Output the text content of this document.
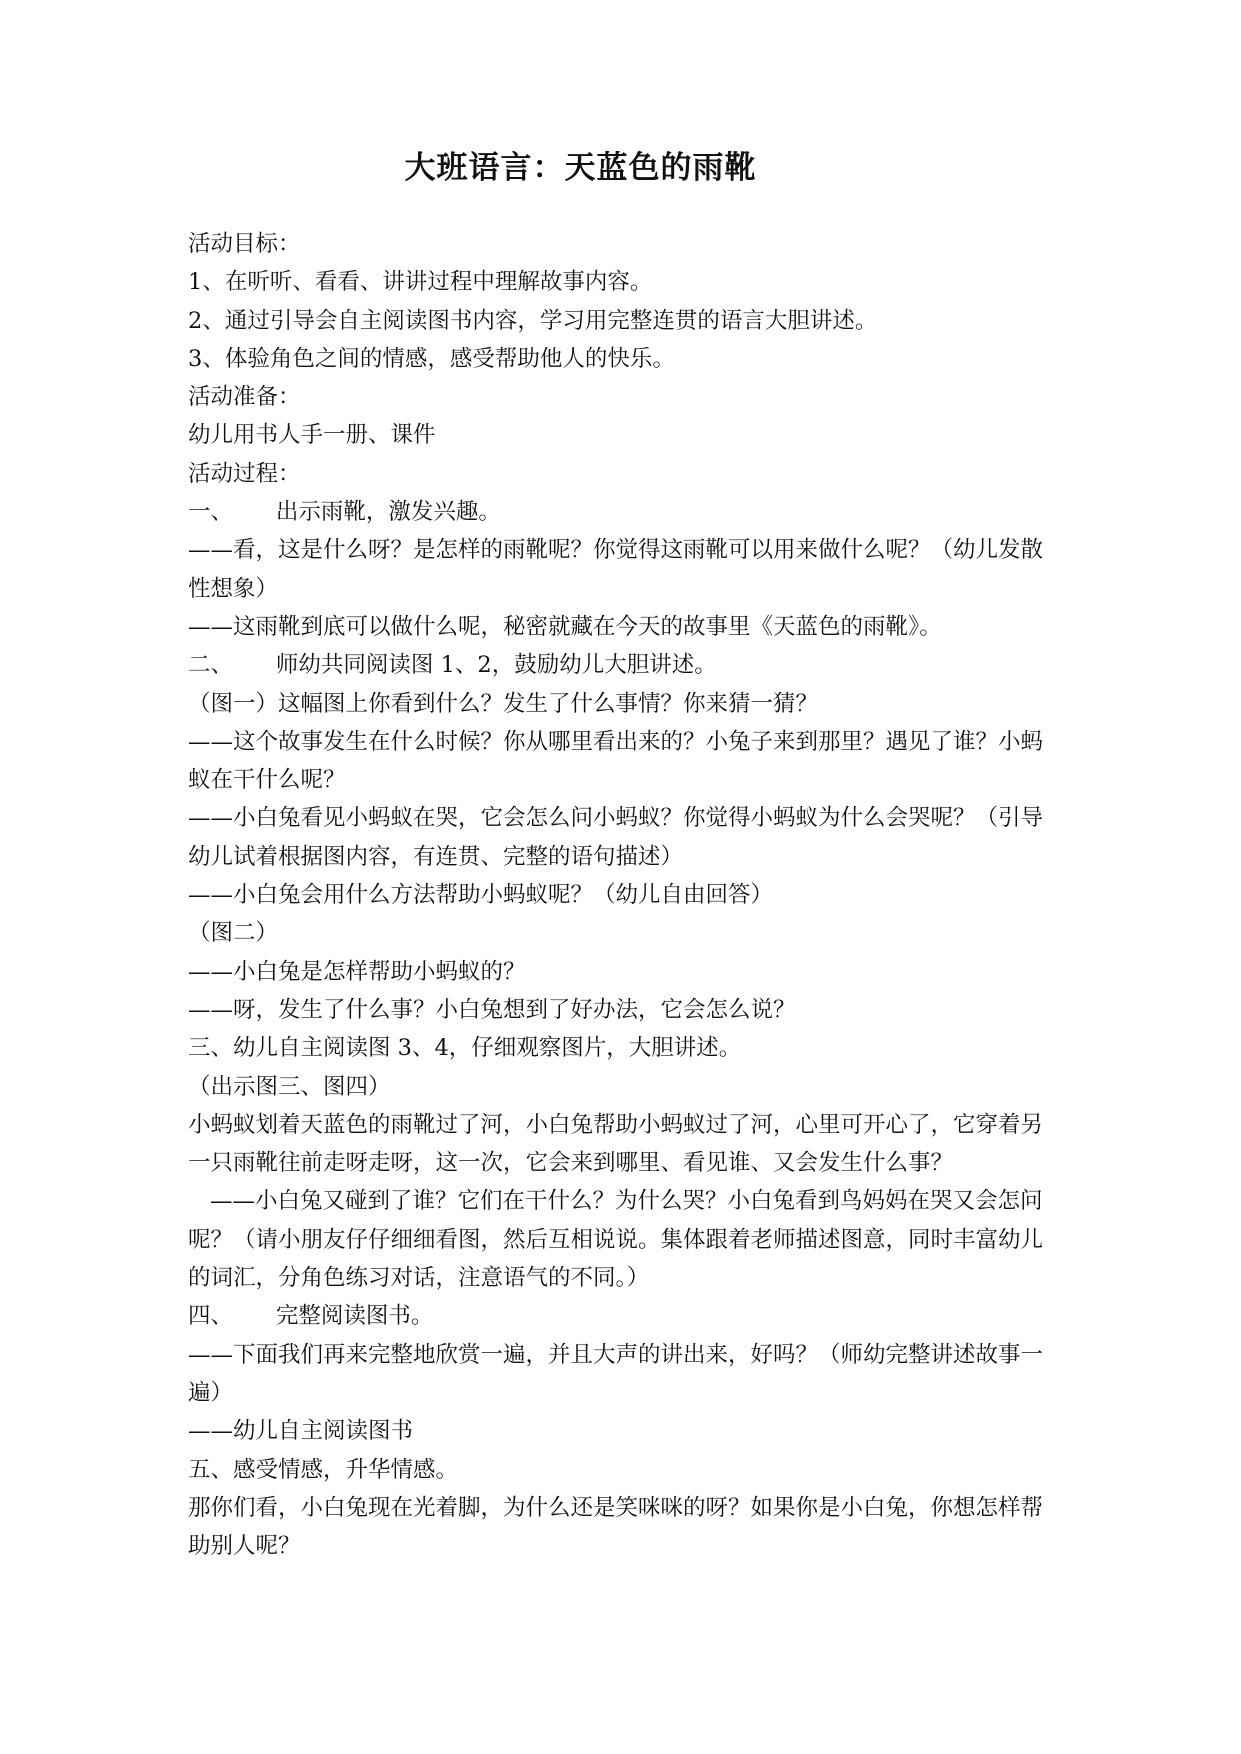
大班语言：天蓝色的雨靴

活动目标：

1、在听听、看看、讲讲过程中理解故事内容。

2、通过引导会自主阅读图书内容，学习用完整连贯的语言大胆讲述。

3、体验角色之间的情感，感受帮助他人的快乐。

活动准备：

幼儿用书人手一册、课件

活动过程：

一、      出示雨靴，激发兴趣。

——看，这是什么呀？是怎样的雨靴呢？你觉得这雨靴可以用来做什么呢？（幼儿发散性想象）

——这雨靴到底可以做什么呢，秘密就藏在今天的故事里《天蓝色的雨靴》。

二、      师幼共同阅读图 1、2，鼓励幼儿大胆讲述。

（图一）这幅图上你看到什么？发生了什么事情？你来猜一猜？

——这个故事发生在什么时候？你从哪里看出来的？小兔子来到那里？遇见了谁？小蚂蚁在干什么呢？

——小白兔看见小蚂蚁在哭，它会怎么问小蚂蚁？你觉得小蚂蚁为什么会哭呢？（引导幼儿试着根据图内容，有连贯、完整的语句描述）

——小白兔会用什么方法帮助小蚂蚁呢？（幼儿自由回答）

（图二）

——小白兔是怎样帮助小蚂蚁的？

——呀，发生了什么事？小白兔想到了好办法，它会怎么说？

三、幼儿自主阅读图 3、4，仔细观察图片，大胆讲述。

（出示图三、图四）

小蚂蚁划着天蓝色的雨靴过了河，小白兔帮助小蚂蚁过了河，心里可开心了，它穿着另一只雨靴往前走呀走呀，这一次，它会来到哪里、看见谁、又会发生什么事？

——小白兔又碰到了谁？它们在干什么？为什么哭？小白兔看到鸟妈妈在哭又会怎问呢？（请小朋友仔仔细细看图，然后互相说说。集体跟着老师描述图意，同时丰富幼儿的词汇，分角色练习对话，注意语气的不同。）

四、      完整阅读图书。

——下面我们再来完整地欣赏一遍，并且大声的讲出来，好吗？（师幼完整讲述故事一遍）

——幼儿自主阅读图书

五、感受情感，升华情感。

那你们看，小白兔现在光着脚，为什么还是笑咪咪的呀？如果你是小白兔，你想怎样帮助别人呢？
